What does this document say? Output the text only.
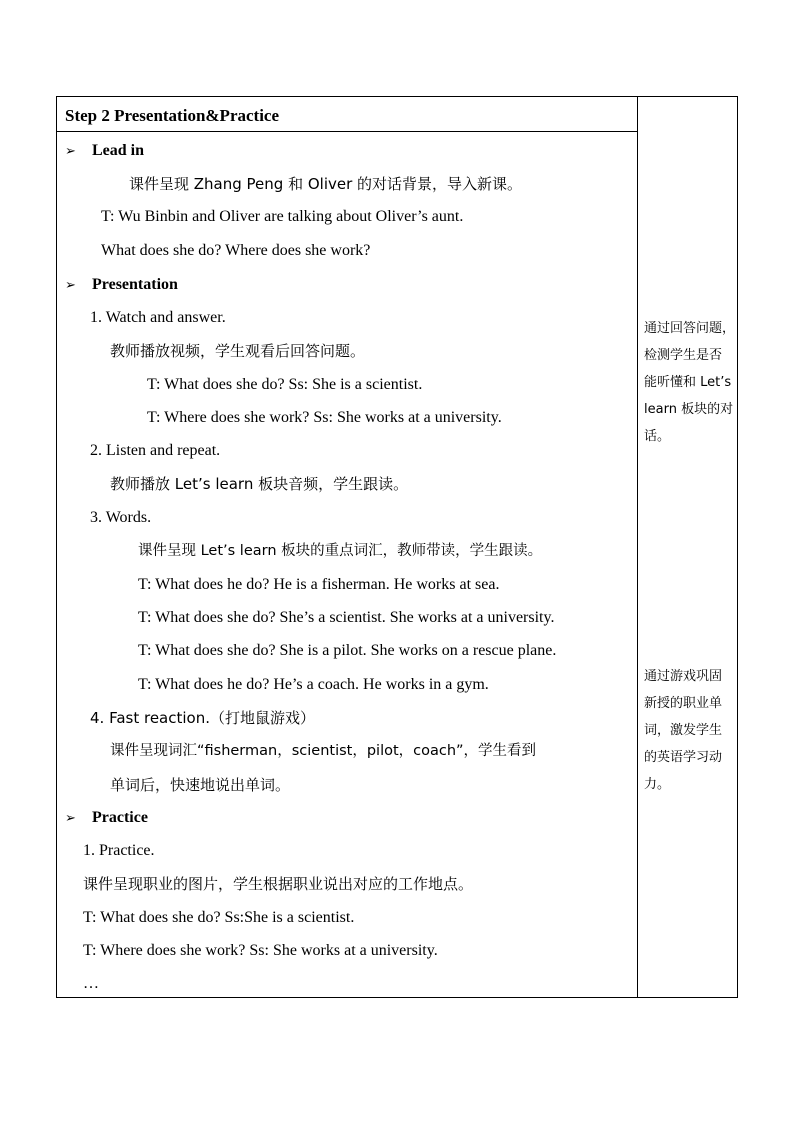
Step 2 Presentation&Practice
➢ Lead in
课件呈现 Zhang Peng 和 Oliver 的对话背景，导入新课。
T: Wu Binbin and Oliver are talking about Oliver’s aunt.
What does she do? Where does she work?
➢ Presentation
1. Watch and answer.
教师播放视频，学生观看后回答问题。
T: What does she do? Ss: She is a scientist.
T: Where does she work? Ss: She works at a university.
2. Listen and repeat.
教师播放 Let’s learn 板块音频，学生跟读。
3. Words.
课件呈现 Let’s learn 板块的重点词汇，教师带读，学生跟读。
T: What does he do? He is a fisherman. He works at sea.
T: What does she do? She’s a scientist. She works at a university.
T: What does she do? She is a pilot. She works on a rescue plane.
T: What does he do? He’s a coach. He works in a gym.
4. Fast reaction.（打地鼠游戏）
课件呈现词汇“fisherman，scientist，pilot，coach”，学生看到
单词后，快速地说出单词。
➢ Practice
1. Practice.
课件呈现职业的图片，学生根据职业说出对应的工作地点。
T: What does she do? Ss:She is a scientist.
T: Where does she work? Ss: She works at a university.
…
通过回答问题，
检测学生是否
能听懂和 Let’s
learn 板块的对
话。
通过游戏巩固
新授的职业单
词，激发学生
的英语学习动
力。
